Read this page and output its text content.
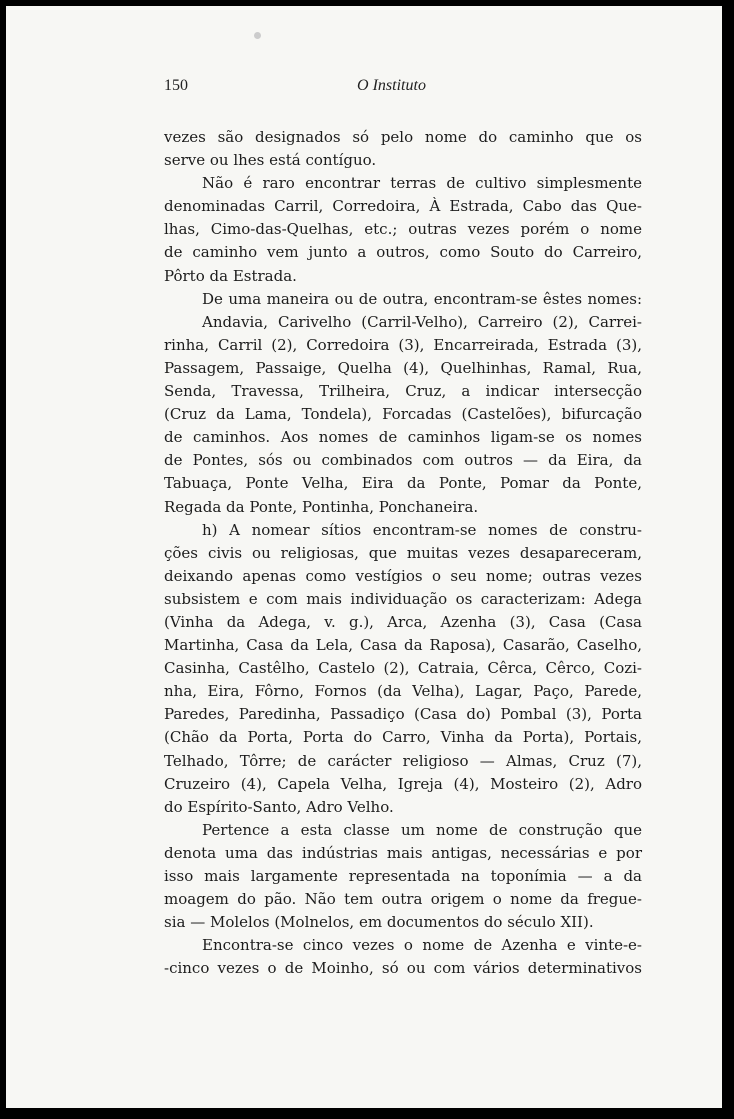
150	O Instituto
vezes são designados só pelo nome do caminho que os
serve ou lhes está contíguo.
Não é raro encontrar terras de cultivo simplesmente
denominadas Carril, Corredoira, À Estrada, Cabo das Que-
lhas, Cimo-das-Quelhas, etc.; outras vezes porém o nome
de caminho vem junto a outros, como Souto do Carreiro,
Pôrto da Estrada.
De uma maneira ou de outra, encontram-se êstes nomes:
Andavia, Carivelho (Carril-Velho), Carreiro (2), Carrei-
rinha, Carril (2), Corredoira (3), Encarreirada, Estrada (3),
Passagem, Passaige, Quelha (4), Quelhinhas, Ramal, Rua,
Senda, Travessa, Trilheira, Cruz, a indicar intersecção
(Cruz da Lama, Tondela), Forcadas (Castelões), bifurcação
de caminhos. Aos nomes de caminhos ligam-se os nomes
de Pontes, sós ou combinados com outros — da Eira, da
Tabuaça, Ponte Velha, Eira da Ponte, Pomar da Ponte,
Regada da Ponte, Pontinha, Ponchaneira.
h) A nomear sítios encontram-se nomes de constru-
ções civis ou religiosas, que muitas vezes desapareceram,
deixando apenas como vestígios o seu nome; outras vezes
subsistem e com mais individuação os caracterizam: Adega
(Vinha da Adega, v. g.), Arca, Azenha (3), Casa (Casa
Martinha, Casa da Lela, Casa da Raposa), Casarão, Caselho,
Casinha, Castêlho, Castelo (2), Catraia, Cêrca, Cêrco, Cozi-
nha, Eira, Fôrno, Fornos (da Velha), Lagar, Paço, Parede,
Paredes, Paredinha, Passadiço (Casa do) Pombal (3), Porta
(Chão da Porta, Porta do Carro, Vinha da Porta), Portais,
Telhado, Tôrre; de carácter religioso — Almas, Cruz (7),
Cruzeiro (4), Capela Velha, Igreja (4), Mosteiro (2), Adro
do Espírito-Santo, Adro Velho.
Pertence a esta classe um nome de construção que
denota uma das indústrias mais antigas, necessárias e por
isso mais largamente representada na toponímia — a da
moagem do pão. Não tem outra origem o nome da fregue-
sia — Molelos (Molnelos, em documentos do século XII).
Encontra-se cinco vezes o nome de Azenha e vinte-e-
-cinco vezes o de Moinho, só ou com vários determinativos
